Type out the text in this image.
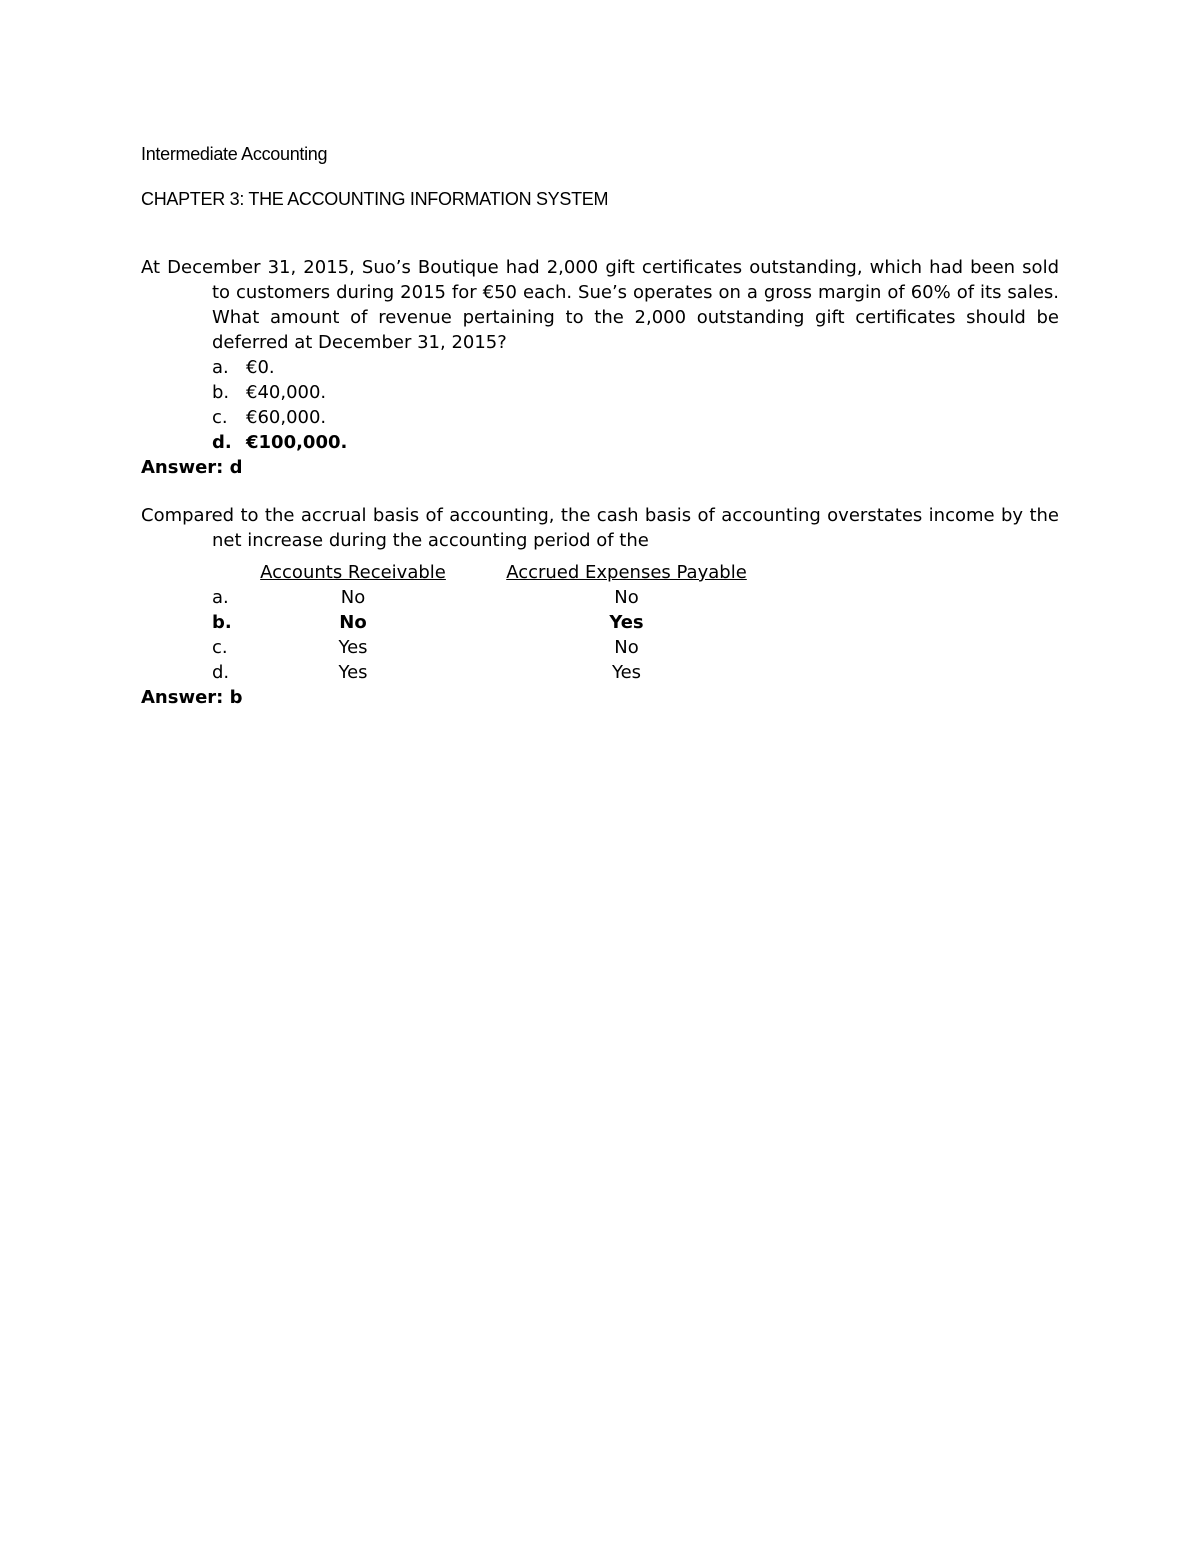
Intermediate Accounting
CHAPTER 3: THE ACCOUNTING INFORMATION SYSTEM

At December 31, 2015, Suo’s Boutique had 2,000 gift certificates outstanding, which had been sold to customers during 2015 for €50 each. Sue’s operates on a gross margin of 60% of its sales. What amount of revenue pertaining to the 2,000 outstanding gift certificates should be deferred at December 31, 2015?

a. €0.
b. €40,000.
c. €60,000.
d. €100,000.

Answer: d

Compared to the accrual basis of accounting, the cash basis of accounting overstates income by the net increase during the accounting period of the

Accounts Receivable	Accrued Expenses Payable
a.	No	No
b.	No	Yes
c.	Yes	No
d.	Yes	Yes

Answer: b
